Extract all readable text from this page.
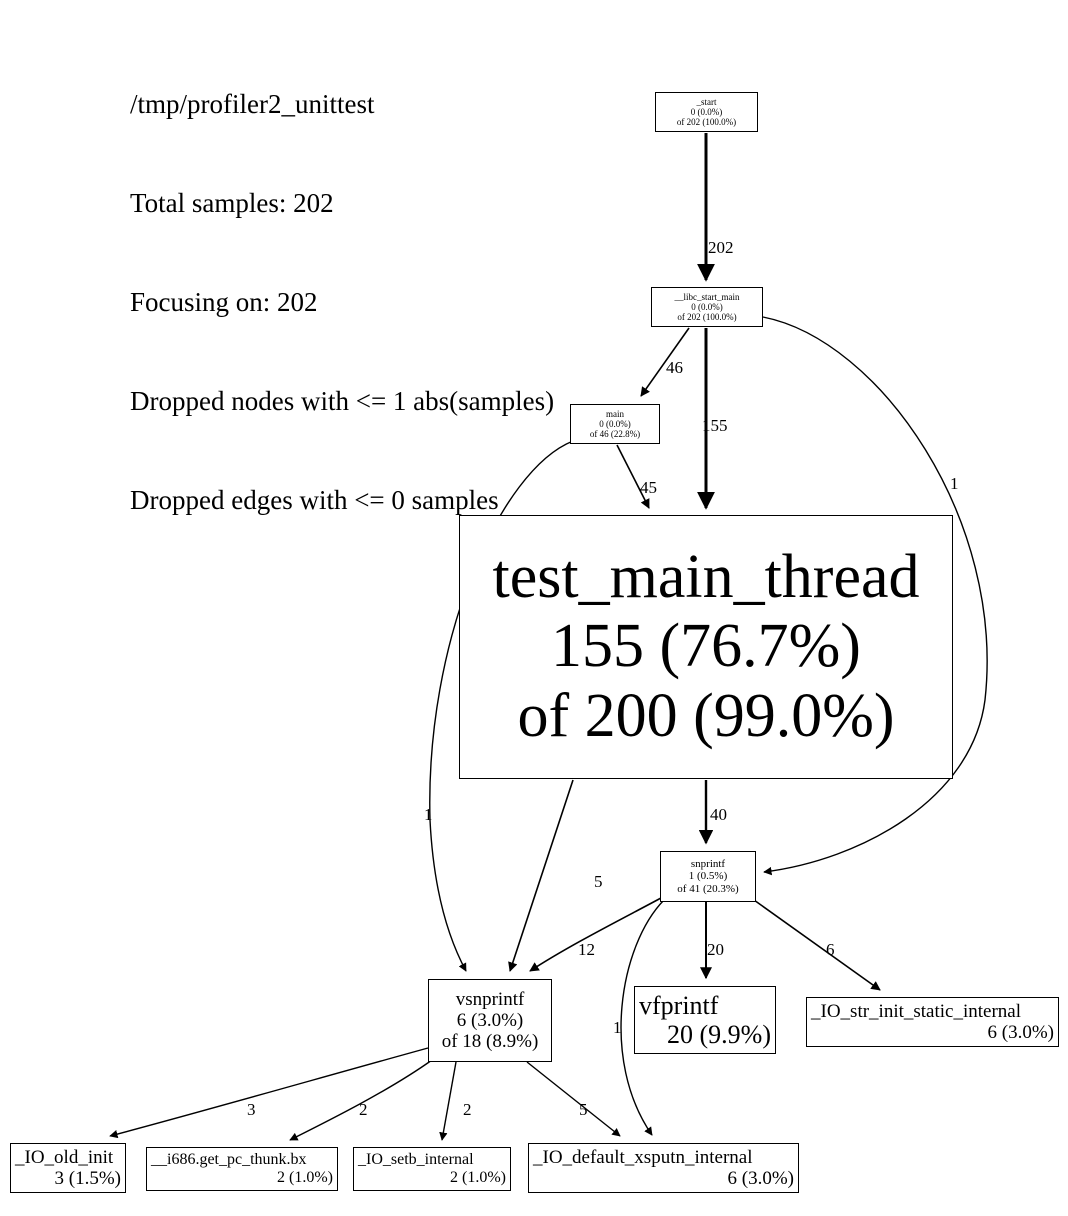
/tmp/profiler2_unittest

Total samples: 202

Focusing on: 202

Dropped nodes with <= 1 abs(samples)

Dropped edges with <= 0 samples

_start
0 (0.0%)
of 202 (100.0%)
__libc_start_main
0 (0.0%)
of 202 (100.0%)
main
0 (0.0%)
of 46 (22.8%)
test_main_thread
155 (76.7%)
of 200 (99.0%)
snprintf
1 (0.5%)
of 41 (20.3%)
vsnprintf
6 (3.0%)
of 18 (8.9%)
vfprintf
20 (9.9%)
_IO_str_init_static_internal
6 (3.0%)
_IO_old_init
3 (1.5%)
__i686.get_pc_thunk.bx
2 (1.0%)
_IO_setb_internal
2 (1.0%)
_IO_default_xsputn_internal
6 (3.0%)
202
46
155
1
45
1	40
5
12	20	6
1
3	2	2	5
